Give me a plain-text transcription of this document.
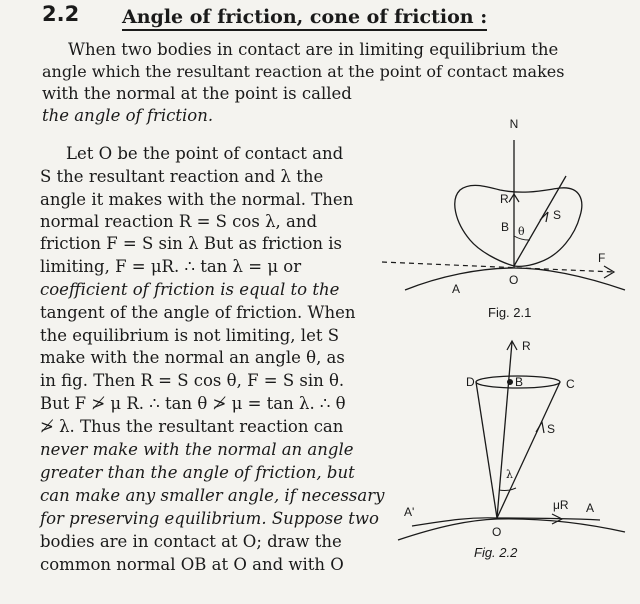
2.2 Angle of friction, cone of friction :
When two bodies in contact are in limiting equilibrium the
angle which the resultant reaction at the point of contact makes
with the normal at the point is called
the angle of friction.
Let O be the point of contact and
S the resultant reaction and λ the
angle it makes with the normal. Then
normal reaction R = S cos λ, and
friction F = S sin λ But as friction is
limiting, F = μR. ∴ tan λ = μ or
coefficient of friction is equal to the
tangent of the angle of friction. When
the equilibrium is not limiting, let S
make with the normal an angle θ, as
in fig. Then R = S cos θ, F = S sin θ.
But F ≯ μ R. ∴ tan θ ≯ μ = tan λ. ∴ θ
≯ λ. Thus the resultant reaction can
never make with the normal an angle
greater than the angle of friction, but
can make any smaller angle, if necessary
for preserving equilibrium. Suppose two
bodies are in contact at O; draw the
common normal OB at O and with O
N
R
B θ
S
O
A
F
R
D	B	C
S
λ
A'
O
μR A
Fig. 2.1
Fig. 2.2
